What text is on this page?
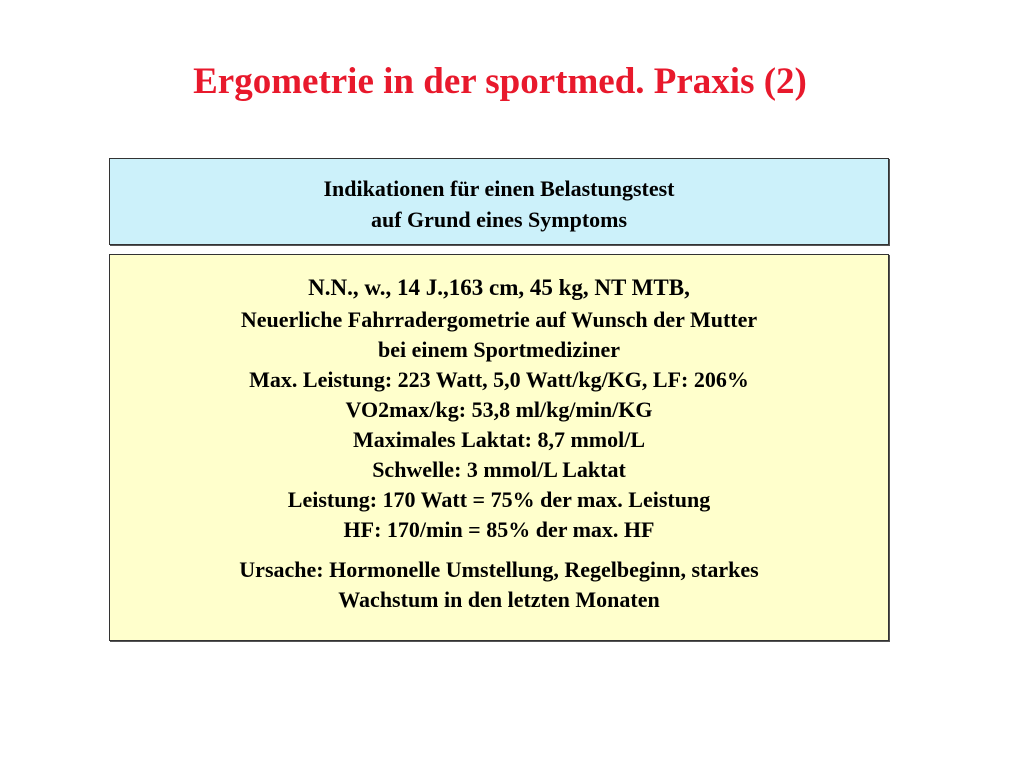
Ergometrie in der sportmed. Praxis (2)
Indikationen für einen Belastungstest
auf Grund eines Symptoms
N.N., w., 14 J.,163 cm, 45 kg, NT MTB,
Neuerliche Fahrradergometrie auf Wunsch der Mutter
bei einem Sportmediziner
Max. Leistung: 223 Watt, 5,0 Watt/kg/KG, LF: 206%
VO2max/kg: 53,8 ml/kg/min/KG
Maximales Laktat: 8,7 mmol/L
Schwelle: 3 mmol/L Laktat
Leistung: 170 Watt = 75% der max. Leistung
HF: 170/min = 85% der max. HF
Ursache: Hormonelle Umstellung, Regelbeginn, starkes
Wachstum in den letzten Monaten
